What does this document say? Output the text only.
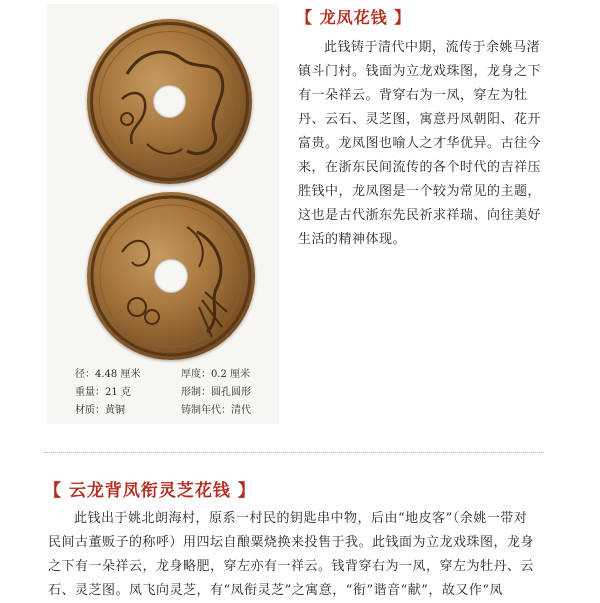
径：4.48 厘米	厚度：0.2 厘米
重量：21 克	形制：圆孔圆形
材质：黄铜	铸制年代：清代
【 龙凤花钱 】
此钱铸于清代中期，流传于余姚马渚镇斗门村。钱面为立龙戏珠图，龙身之下有一朵祥云。背穿右为一凤，穿左为牡丹、云石、灵芝图，寓意丹凤朝阳、花开富贵。龙凤图也喻人之才华优异。古往今来，在浙东民间流传的各个时代的吉祥压胜钱中，龙凤图是一个较为常见的主题，这也是古代浙东先民祈求祥瑞、向往美好生活的精神体现。
【 云龙背凤衔灵芝花钱 】
此钱出于姚北朗海村，原系一村民的钥匙串中物，后由“地皮客”（余姚一带对民间古董贩子的称呼）用四坛自酿粟烧换来投售于我。此钱面为立龙戏珠图，龙身之下有一朵祥云，龙身略肥，穿左亦有一祥云。钱背穿右为一凤，穿左为牡丹、云石、灵芝图。凤飞向灵芝，有“凤衔灵芝”之寓意，“衔”谐音“献”，故又作“凤
